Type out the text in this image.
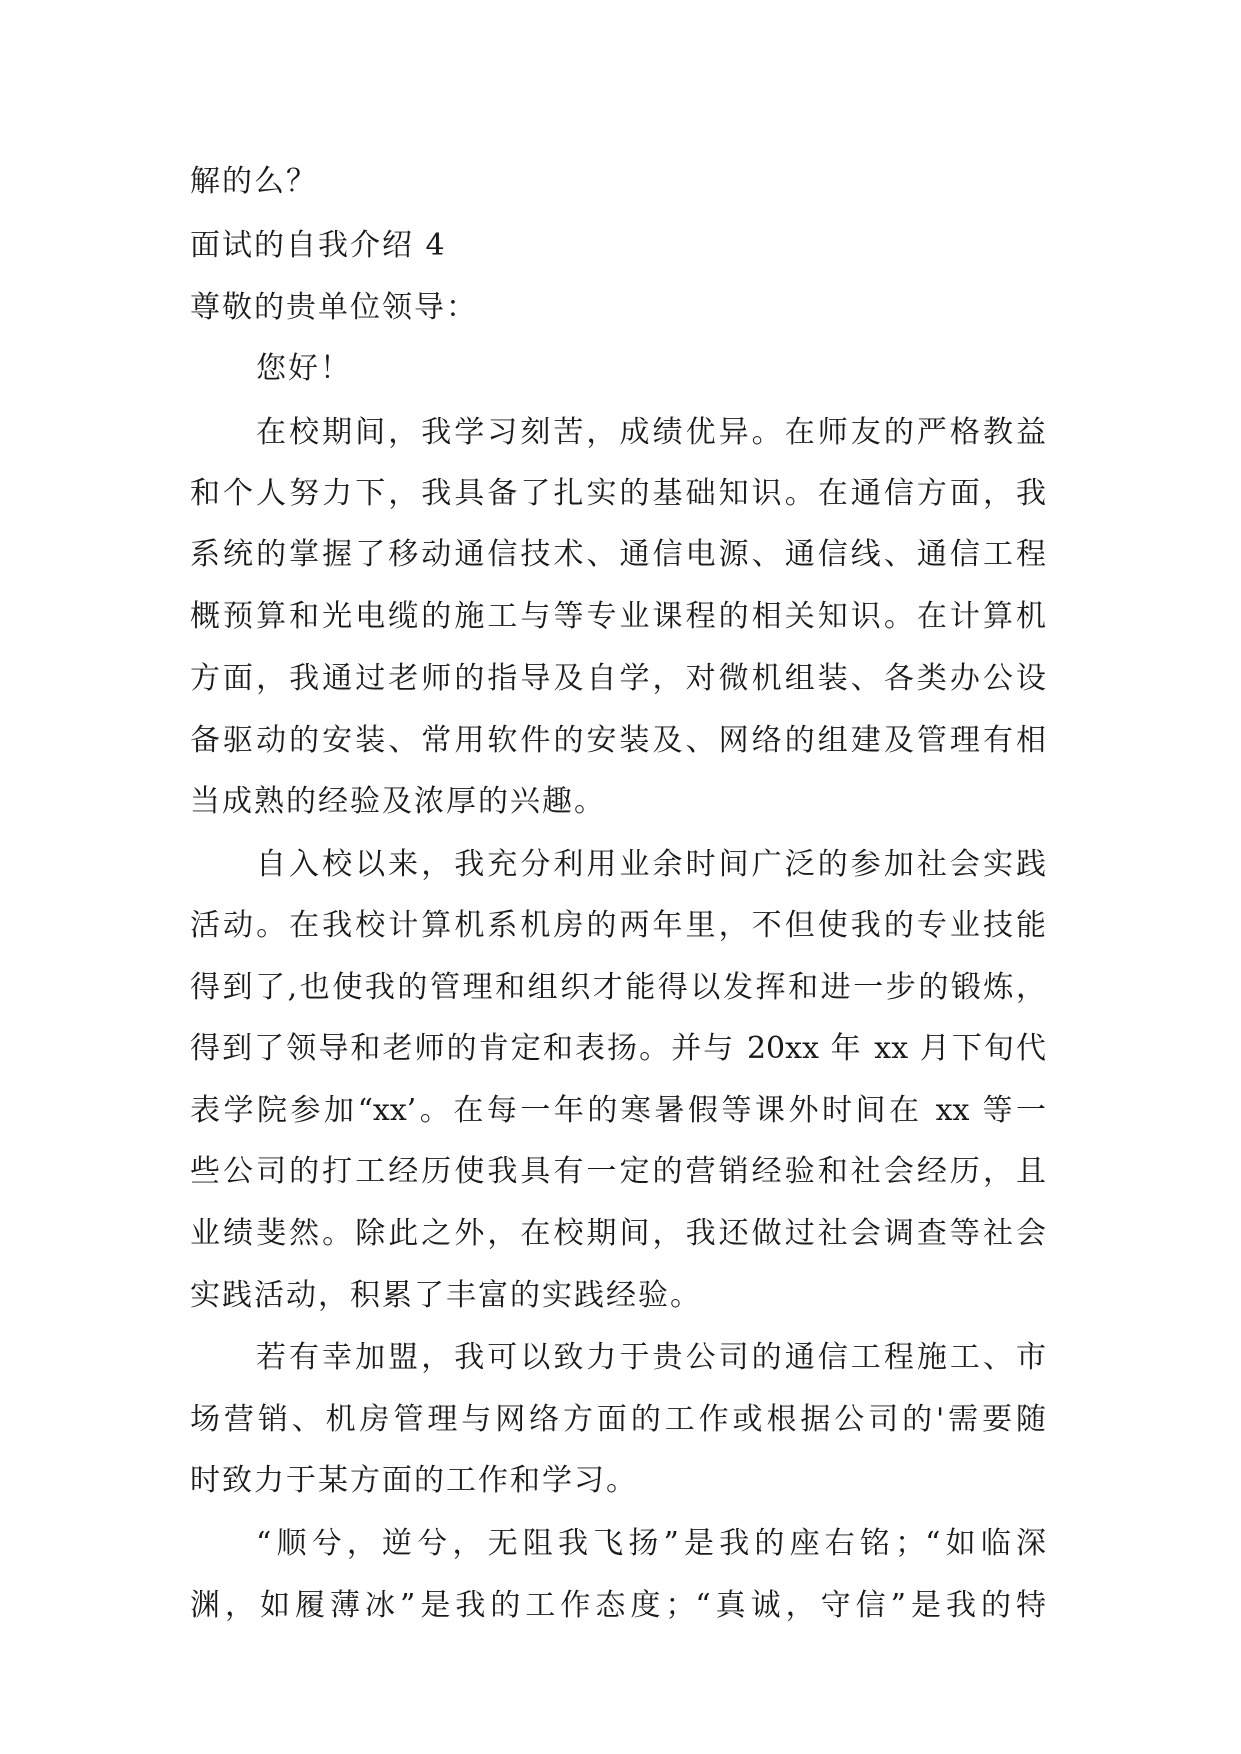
解的么？
面试的自我介绍 4
尊敬的贵单位领导：
您好！
在校期间，我学习刻苦，成绩优异。在师友的严格教益
和个人努力下，我具备了扎实的基础知识。在通信方面，我
系统的掌握了移动通信技术、通信电源、通信线、通信工程
概预算和光电缆的施工与等专业课程的相关知识。在计算机
方面，我通过老师的指导及自学，对微机组装、各类办公设
备驱动的安装、常用软件的安装及、网络的组建及管理有相
当成熟的经验及浓厚的兴趣。
自入校以来，我充分利用业余时间广泛的参加社会实践
活动。在我校计算机系机房的两年里，不但使我的专业技能
得到了,也使我的管理和组织才能得以发挥和进一步的锻炼，
得到了领导和老师的肯定和表扬。并与 20xx 年 xx 月下旬代
表学院参加“xx’。在每一年的寒暑假等课外时间在 xx 等一
些公司的打工经历使我具有一定的营销经验和社会经历，且
业绩斐然。除此之外，在校期间，我还做过社会调查等社会
实践活动，积累了丰富的实践经验。
若有幸加盟，我可以致力于贵公司的通信工程施工、市
场营销、机房管理与网络方面的工作或根据公司的'需要随
时致力于某方面的工作和学习。
“顺兮，逆兮，无阻我飞扬”是我的座右铭；“如临深
渊，如履薄冰”是我的工作态度；“真诚，守信”是我的特
